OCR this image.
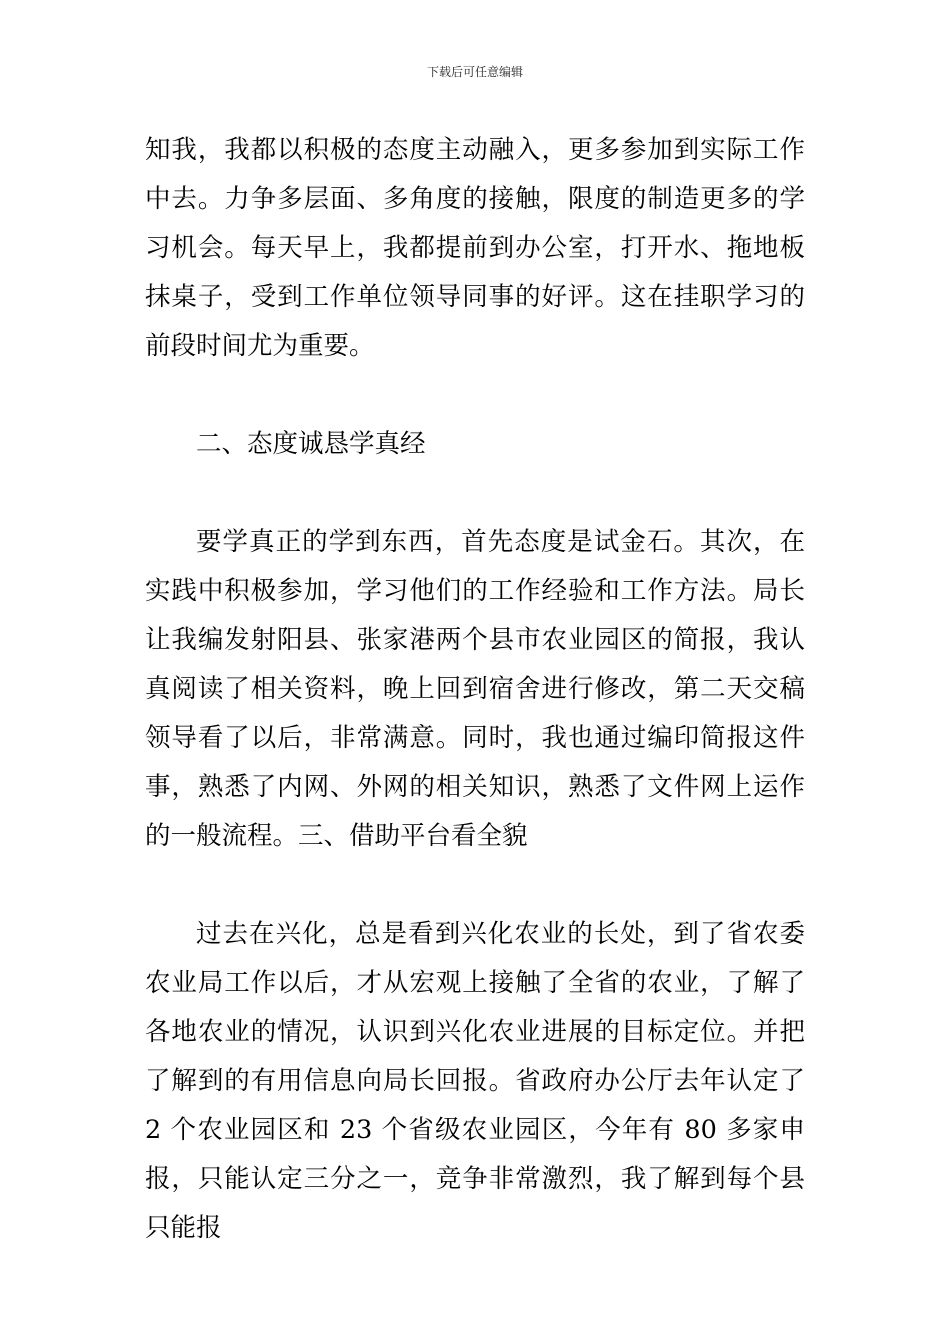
下载后可任意编辑

知我，我都以积极的态度主动融入，更多参加到实际工作中去。力争多层面、多角度的接触，限度的制造更多的学习机会。每天早上，我都提前到办公室，打开水、拖地板抹桌子，受到工作单位领导同事的好评。这在挂职学习的前段时间尤为重要。

二、态度诚恳学真经

要学真正的学到东西，首先态度是试金石。其次，在实践中积极参加，学习他们的工作经验和工作方法。局长让我编发射阳县、张家港两个县市农业园区的简报，我认真阅读了相关资料，晚上回到宿舍进行修改，第二天交稿领导看了以后，非常满意。同时，我也通过编印简报这件事，熟悉了内网、外网的相关知识，熟悉了文件网上运作的一般流程。三、借助平台看全貌

过去在兴化，总是看到兴化农业的长处，到了省农委农业局工作以后，才从宏观上接触了全省的农业，了解了各地农业的情况，认识到兴化农业进展的目标定位。并把了解到的有用信息向局长回报。省政府办公厅去年认定了 2 个农业园区和 23 个省级农业园区，今年有 80 多家申报，只能认定三分之一，竞争非常激烈，我了解到每个县只能报
